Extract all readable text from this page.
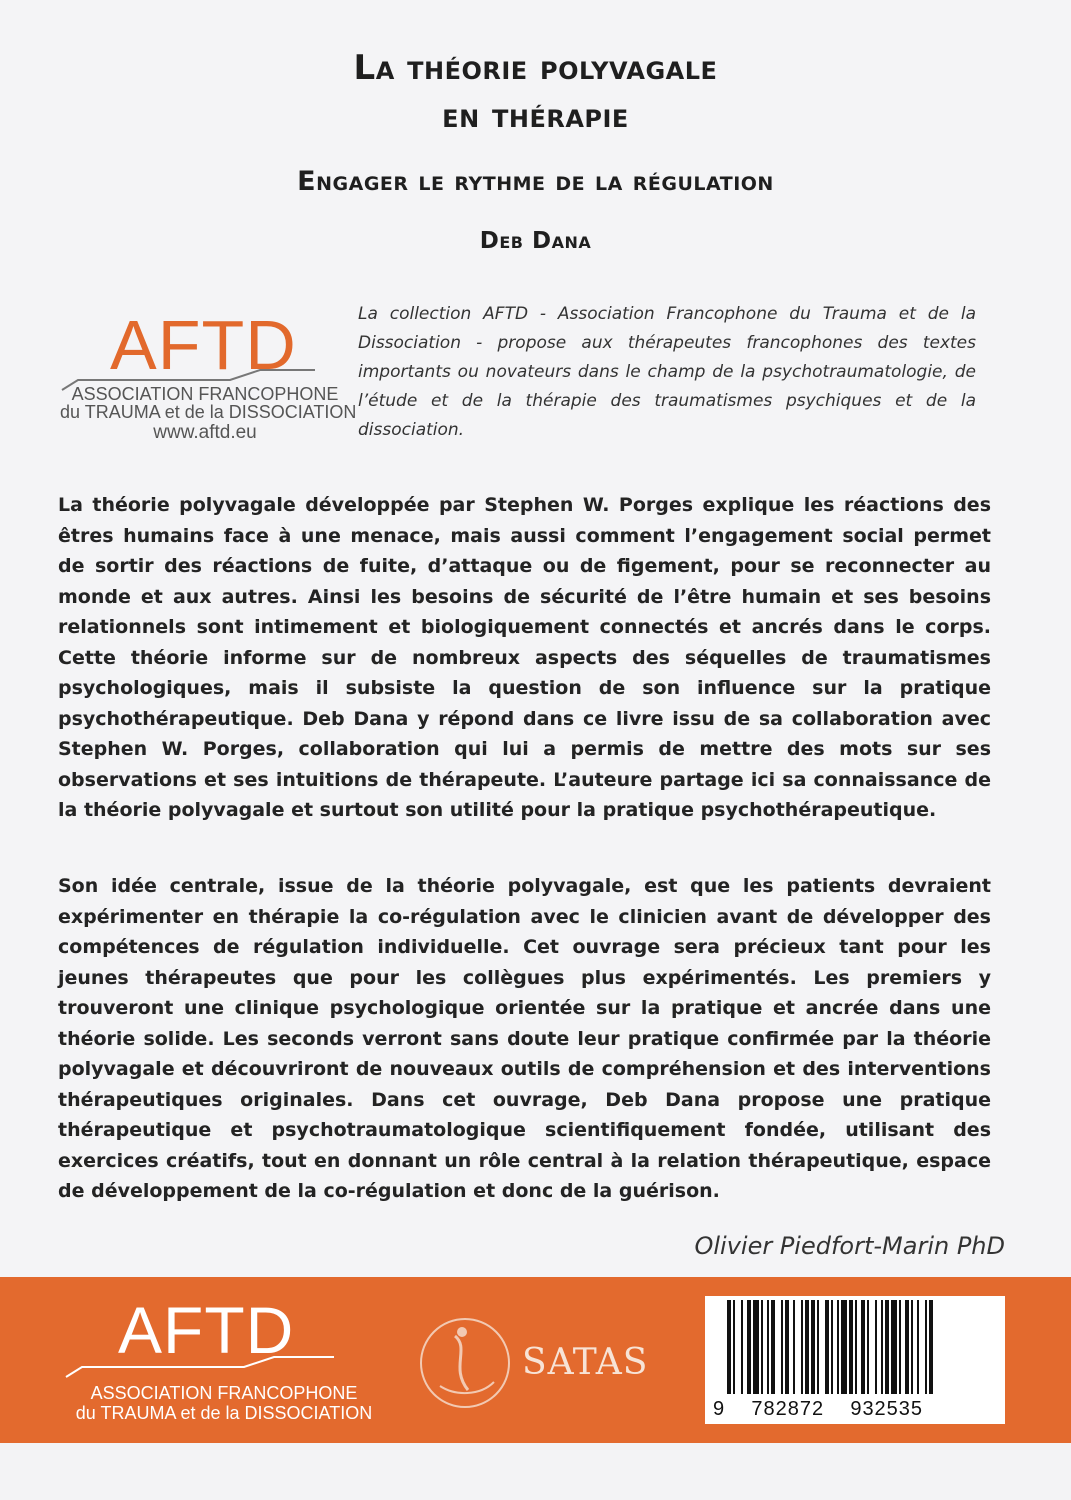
La théorie polyvagale
en thérapie
Engager le rythme de la régulation
Deb Dana
AFTD
ASSOCIATION FRANCOPHONE
du TRAUMA et de la DISSOCIATION
www.aftd.eu
La collection AFTD - Association Francophone du Trauma et de la Dissociation - propose aux thérapeutes francophones des textes importants ou novateurs dans le champ de la psychotraumatologie, de l’étude et de la thérapie des traumatismes psychiques et de la dissociation.

La théorie polyvagale développée par Stephen W. Porges explique les réactions des êtres humains face à une menace, mais aussi comment l’engagement social permet de sortir des réactions de fuite, d’attaque ou de figement, pour se reconnecter au monde et aux autres. Ainsi les besoins de sécurité de l’être humain et ses besoins relationnels sont intimement et biologiquement connectés et ancrés dans le corps. Cette théorie informe sur de nombreux aspects des séquelles de traumatismes psychologiques, mais il subsiste la question de son influence sur la pratique psychothérapeutique. Deb Dana y répond dans ce livre issu de sa collaboration avec Stephen W. Porges, collaboration qui lui a permis de mettre des mots sur ses observations et ses intuitions de thérapeute. L’auteure partage ici sa connaissance de la théorie polyvagale et surtout son utilité pour la pratique psychothérapeutique.

Son idée centrale, issue de la théorie polyvagale, est que les patients devraient expérimenter en thérapie la co-régulation avec le clinicien avant de développer des compétences de régulation individuelle. Cet ouvrage sera précieux tant pour les jeunes thérapeutes que pour les collègues plus expérimentés. Les premiers y trouveront une clinique psychologique orientée sur la pratique et ancrée dans une théorie solide. Les seconds verront sans doute leur pratique confirmée par la théorie polyvagale et découvriront de nouveaux outils de compréhension et des interventions thérapeutiques originales. Dans cet ouvrage, Deb Dana propose une pratique thérapeutique et psychotraumatologique scientifiquement fondée, utilisant des exercices créatifs, tout en donnant un rôle central à la relation thérapeutique, espace de développement de la co-régulation et donc de la guérison.

Olivier Piedfort-Marin PhD
AFTD
ASSOCIATION FRANCOPHONE
du TRAUMA et de la DISSOCIATION
SATAS
9    782872    932535
